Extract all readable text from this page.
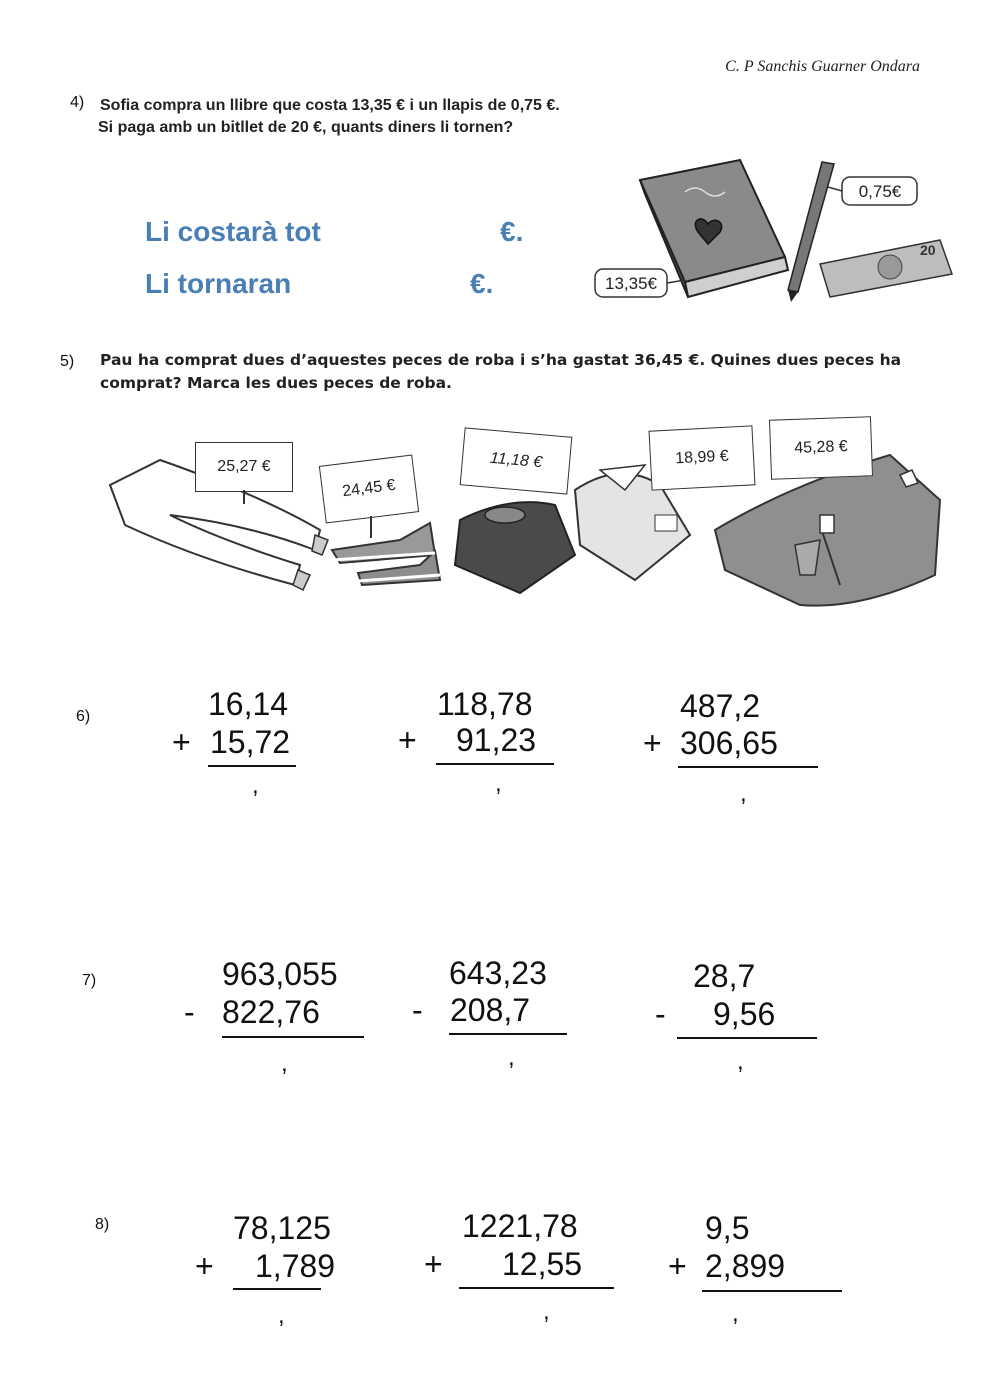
C. P Sanchis Guarner Ondara
4) Sofia compra un llibre que costa 13,35 € i un llapis de 0,75 €.
Si paga amb un bitllet de 20 €, quants diners li tornen?
Li costarà tot	€.
Li tornaran	€.	13,35€
0,75€
20
5) Pau ha comprat dues d’aquestes peces de roba i s’ha gastat 36,45 €. Quines dues peces ha
comprat? Marca les dues peces de roba.
25,27 €
24,45 €
11,18 €	18,99 €
45,28 €
6)	16,14
+ 15,72
,
118,78
+ 91,23
,
487,2
+ 306,65
,
7)	963,055
- 822,76
,
643,23
- 208,7
,
28,7
- 9,56
,
8)	78,125
+ 1,789
,
1221,78
+ 12,55
,
9,5
+ 2,899
,
